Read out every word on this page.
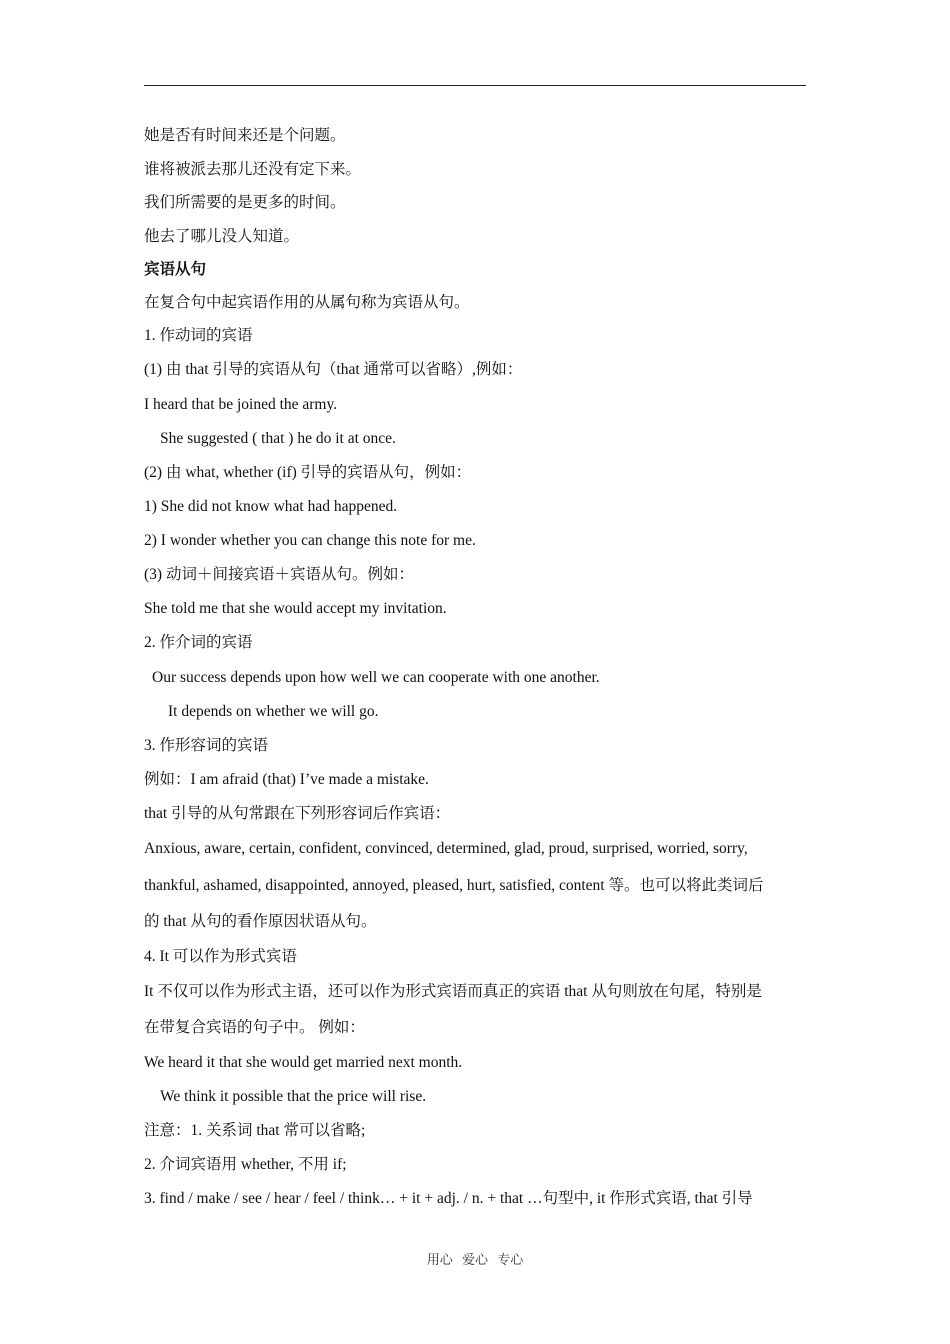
她是否有时间来还是个问题。
谁将被派去那儿还没有定下来。
我们所需要的是更多的时间。
他去了哪儿没人知道。
宾语从句
在复合句中起宾语作用的从属句称为宾语从句。
1. 作动词的宾语
(1) 由 that 引导的宾语从句（that 通常可以省略）,例如：
I heard that be joined the army.
She suggested ( that ) he do it at once.
(2) 由 what, whether (if) 引导的宾语从句，例如：
1) She did not know what had happened.
2) I wonder whether you can change this note for me.
(3) 动词＋间接宾语＋宾语从句。例如：
She told me that she would accept my invitation.
2. 作介词的宾语
Our success depends upon how well we can cooperate with one another.
It depends on whether we will go.
3. 作形容词的宾语
例如：I am afraid (that) I’ve made a mistake.
that 引导的从句常跟在下列形容词后作宾语：
Anxious, aware, certain, confident, convinced, determined, glad, proud, surprised, worried, sorry,
thankful, ashamed, disappointed, annoyed, pleased, hurt, satisfied, content 等。也可以将此类词后
的 that 从句的看作原因状语从句。
4. It 可以作为形式宾语
It 不仅可以作为形式主语，还可以作为形式宾语而真正的宾语 that 从句则放在句尾，特别是
在带复合宾语的句子中。 例如：
We heard it that she would get married next month.
We think it possible that the price will rise.
注意：1. 关系词 that 常可以省略;
2. 介词宾语用 whether, 不用 if;
3. find / make / see / hear / feel / think… + it + adj. / n. + that …句型中, it 作形式宾语, that 引导
用心 爱心 专心
